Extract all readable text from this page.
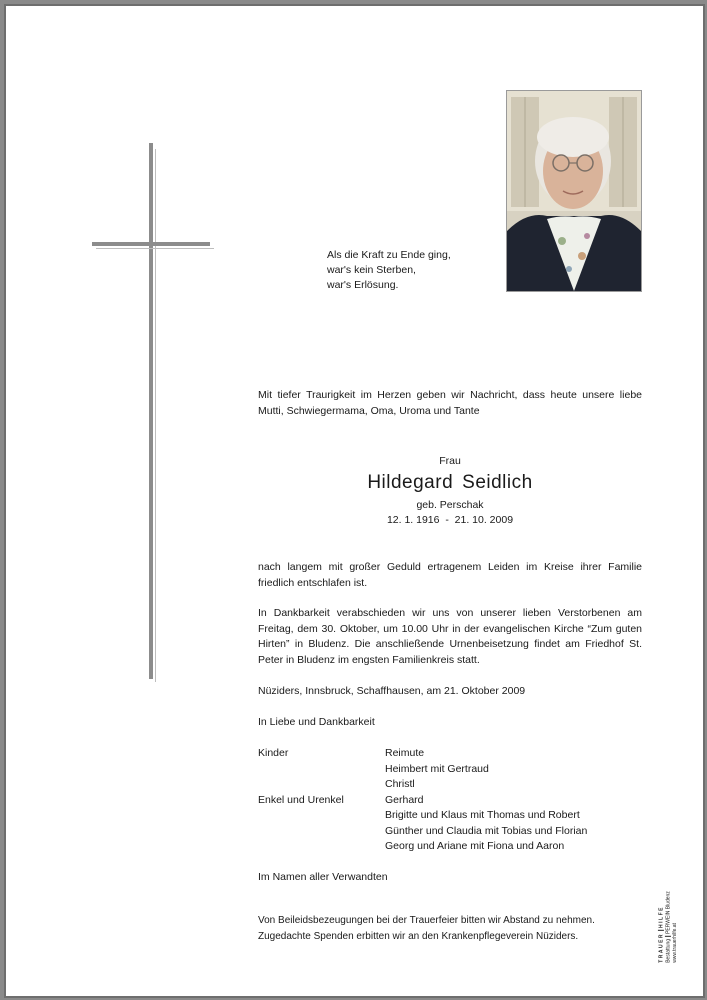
Als die Kraft zu Ende ging,
war's kein Sterben,
war's Erlösung.
Mit tiefer Traurigkeit im Herzen geben wir Nachricht, dass heute unsere liebe Mutti, Schwiegermama, Oma, Uroma und Tante
Frau
Hildegard Seidlich
geb. Perschak
12. 1. 1916  -  21. 10. 2009
nach langem mit großer Geduld ertragenem Leiden im Kreise ihrer Familie friedlich entschlafen ist.
In Dankbarkeit verabschieden wir uns von unserer lieben Verstorbenen am Freitag, dem 30. Oktober, um 10.00 Uhr in der evangelischen Kirche “Zum guten Hirten” in Bludenz. Die anschließende Urnenbeisetzung findet am Friedhof St. Peter in Bludenz im engsten Familienkreis statt.
Nüziders, Innsbruck, Schaffhausen, am 21. Oktober 2009
In Liebe und Dankbarkeit
Kinder	Reimute
Heimbert mit Gertraud
Christl
Enkel und Urenkel	Gerhard
Brigitte und Klaus mit Thomas und Robert
Günther und Claudia mit Tobias und Florian
Georg und Ariane mit Fiona und Aaron
Im Namen aller Verwandten
Von Beileidsbezeugungen bei der Trauerfeier bitten wir Abstand zu nehmen.
Zugedachte Spenden erbitten wir an den Krankenpflegeverein Nüziders.	TRAUERHILFE
BestattungPERWEIN Bludenz
www.trauerhilfe.at
